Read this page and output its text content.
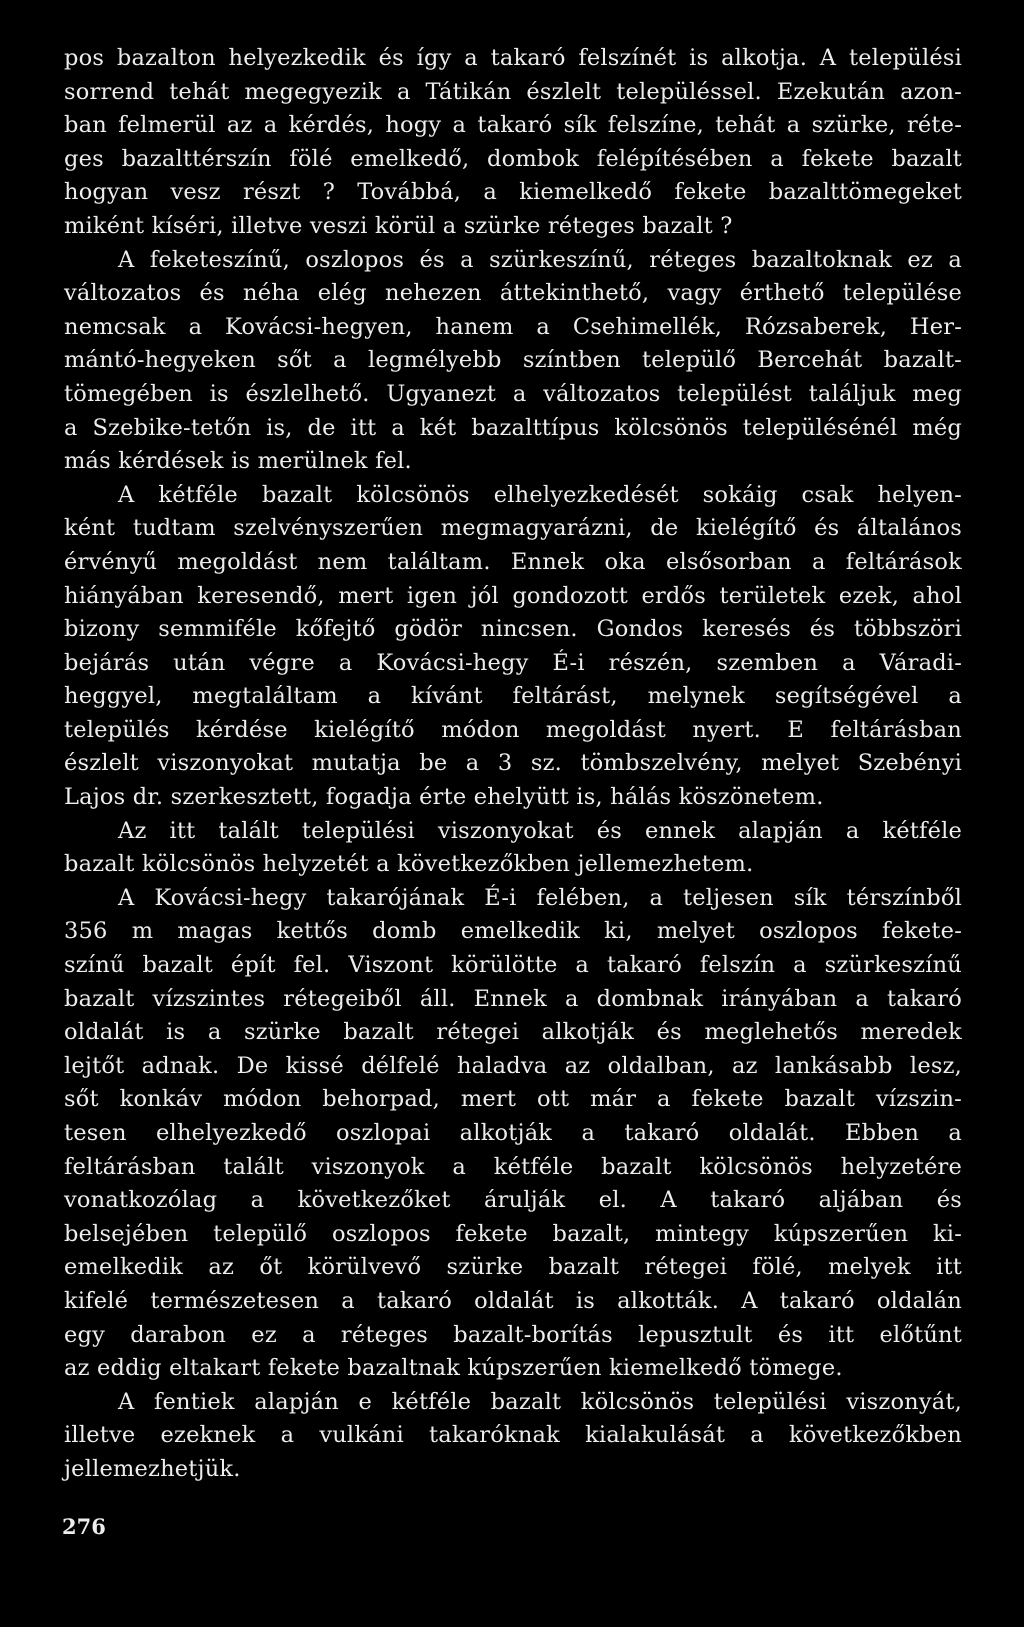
pos bazalton helyezkedik és így a takaró felszínét is alkotja. A települési
sorrend tehát megegyezik a Tátikán észlelt településsel. Ezekután azon-
ban felmerül az a kérdés, hogy a takaró sík felszíne, tehát a szürke, réte-
ges bazalttérszín fölé emelkedő, dombok felépítésében a fekete bazalt
hogyan vesz részt ? Továbbá, a kiemelkedő fekete bazalttömegeket
miként kíséri, illetve veszi körül a szürke réteges bazalt ?
A feketeszínű, oszlopos és a szürkeszínű, réteges bazaltoknak ez a
változatos és néha elég nehezen áttekinthető, vagy érthető települése
nemcsak a Kovácsi-hegyen, hanem a Csehimellék, Rózsaberek, Her-
mántó-hegyeken sőt a legmélyebb színtben települő Bercehát bazalt-
tömegében is észlelhető. Ugyanezt a változatos települést találjuk meg
a Szebike-tetőn is, de itt a két bazalttípus kölcsönös településénél még
más kérdések is merülnek fel.
A kétféle bazalt kölcsönös elhelyezkedését sokáig csak helyen-
ként tudtam szelvényszerűen megmagyarázni, de kielégítő és általános
érvényű megoldást nem találtam. Ennek oka elsősorban a feltárások
hiányában keresendő, mert igen jól gondozott erdős területek ezek, ahol
bizony semmiféle kőfejtő gödör nincsen. Gondos keresés és többszöri
bejárás után végre a Kovácsi-hegy É-i részén, szemben a Váradi-
heggyel, megtaláltam a kívánt feltárást, melynek segítségével a
település kérdése kielégítő módon megoldást nyert. E feltárásban
észlelt viszonyokat mutatja be a 3 sz. tömbszelvény, melyet Szebényi
Lajos dr. szerkesztett, fogadja érte ehelyütt is, hálás köszönetem.
Az itt talált települési viszonyokat és ennek alapján a kétféle
bazalt kölcsönös helyzetét a következőkben jellemezhetem.
A Kovácsi-hegy takarójának É-i felében, a teljesen sík térszínből
356 m magas kettős domb emelkedik ki, melyet oszlopos fekete-
színű bazalt épít fel. Viszont körülötte a takaró felszín a szürkeszínű
bazalt vízszintes rétegeiből áll. Ennek a dombnak irányában a takaró
oldalát is a szürke bazalt rétegei alkotják és meglehetős meredek
lejtőt adnak. De kissé délfelé haladva az oldalban, az lankásabb lesz,
sőt konkáv módon behorpad, mert ott már a fekete bazalt vízszin-
tesen elhelyezkedő oszlopai alkotják a takaró oldalát. Ebben a
feltárásban talált viszonyok a kétféle bazalt kölcsönös helyzetére
vonatkozólag a következőket árulják el. A takaró aljában és
belsejében települő oszlopos fekete bazalt, mintegy kúpszerűen ki-
emelkedik az őt körülvevő szürke bazalt rétegei fölé, melyek itt
kifelé természetesen a takaró oldalát is alkották. A takaró oldalán
egy darabon ez a réteges bazalt-borítás lepusztult és itt előtűnt
az eddig eltakart fekete bazaltnak kúpszerűen kiemelkedő tömege.
A fentiek alapján e kétféle bazalt kölcsönös települési viszonyát,
illetve ezeknek a vulkáni takaróknak kialakulását a következőkben
jellemezhetjük.
276
